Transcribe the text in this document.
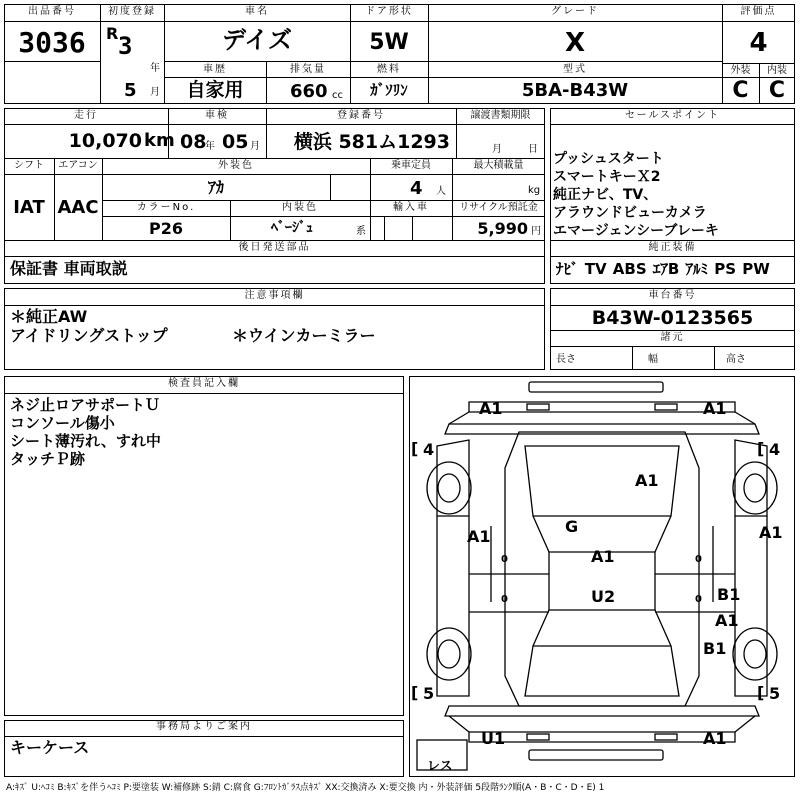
出品番号
3036
初度登録
R 3
年
5 月
車名
デイズ
ドア形状
5W
グレード
X
評価点
4
車歴
自家用
排気量
660 cc
燃料
ｶﾞｿﾘﾝ
型式
5BA-B43W
外装	内装
C C
走行
10,070 km
車検
08
年 05 月
登録番号
横浜 581ム1293
譲渡書類期限
月	日
シフト
IAT
エアコン
AAC
外装色
ｱｶ
乗車定員
4 人
最大積載量
kg
カラーNo.
P26
内装色
ﾍﾞｰｼﾞｭ	系
輸入車	リサイクル預託金
5,990 円
後日発送部品
保証書 車両取説
セールスポイント
プッシュスタート
スマートキーＸ2
純正ナビ、TV、
アラウンドビューカメラ
エマージェンシーブレーキ
純正装備
ﾅﾋﾞ TV ABS ｴｱB ｱﾙﾐ PS PW
注意事項欄
＊純正AW
アイドリングストップ	＊ウインカーミラー
車台番号
B43W-0123565
諸元
長さ	幅	高さ
検査員記入欄
ネジ止ロアサポートＵ
コンソール傷小
シート薄汚れ、すれ中
タッチＰ跡
事務局よりご案内
キーケース
[	[
[	[
4	4
5	5
A1	A1
A1
G
A1	A1
A1
U2	B1
A1
B1
U1	A1
0
0
0
0
レス
A:ｷｽﾞ U:ﾍｺﾐ B:ｷｽﾞを伴うﾍｺﾐ P:要塗装 W:補修跡 S:錆 C:腐食 G:ﾌﾛﾝﾄｶﾞﾗｽ点ｷｽﾞ XX:交換済み X:要交換 内・外装評価 5段階ﾗﾝｸ順(A・B・C・D・E) 1
